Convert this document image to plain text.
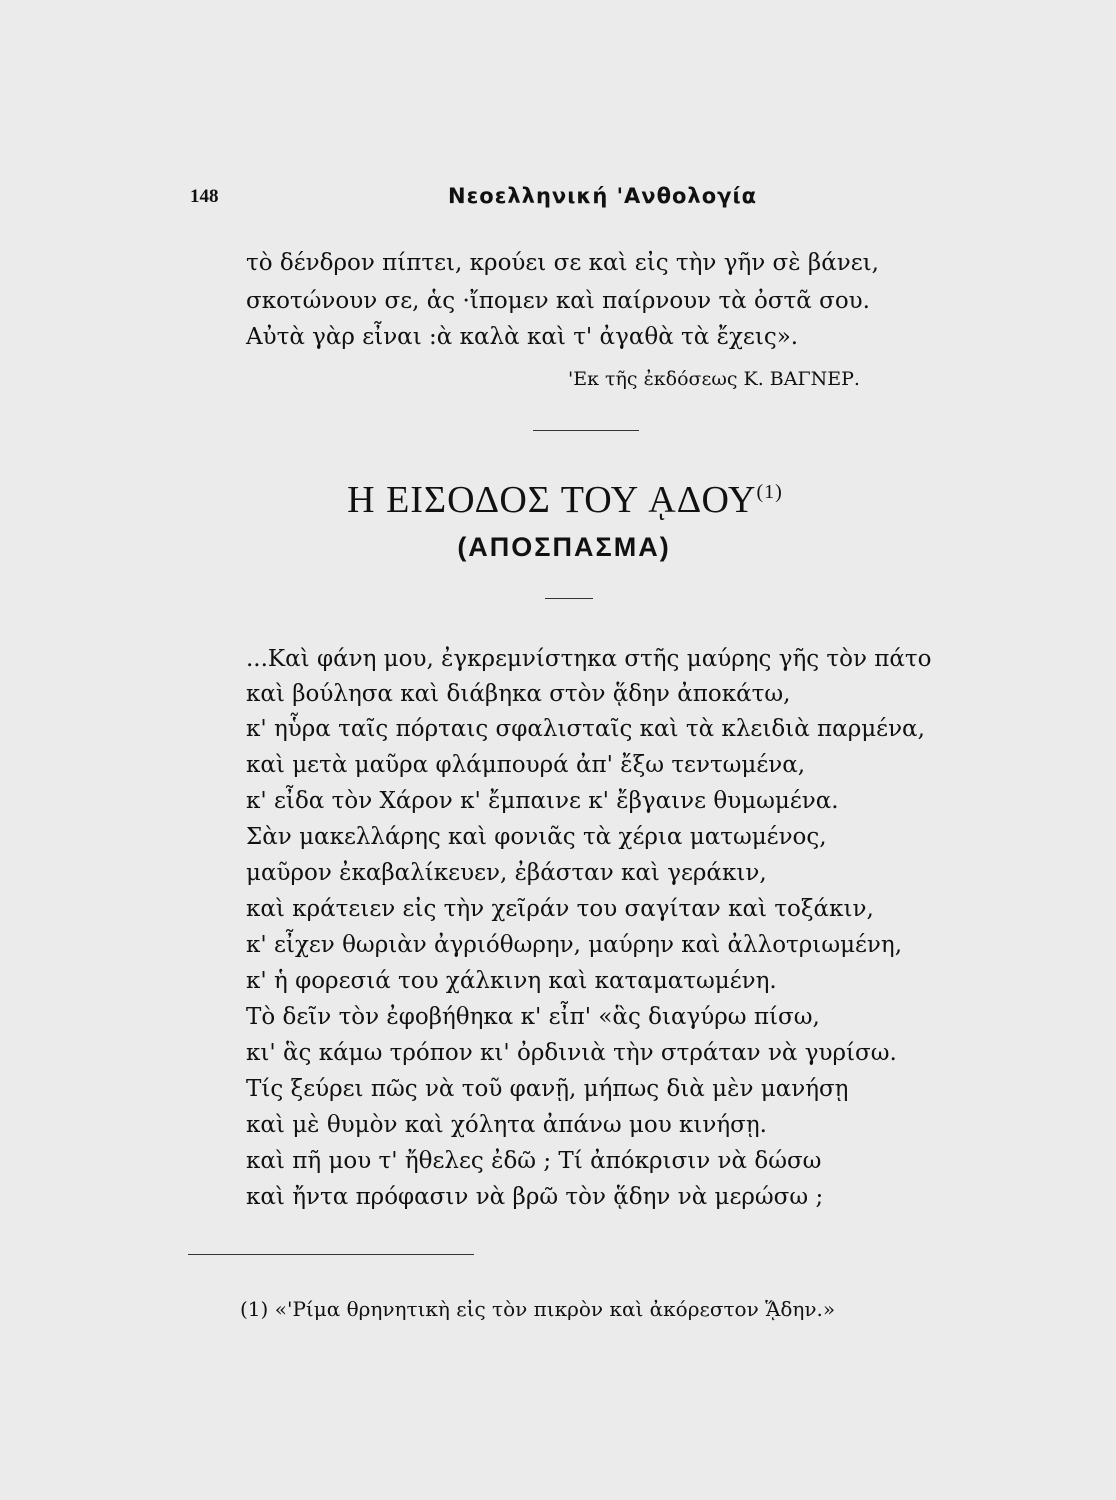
148	Νεοελληνική 'Ανθολογία
τὸ δένδρον πίπτει, κρούει σε καὶ εἰς τὴν γῆν σὲ βάνει,
σκοτώνουν σε, ἁς ·ἴπομεν καὶ παίρνουν τὰ ὀστᾶ σου.
Αὐτὰ γὰρ εἶναι :ὰ καλὰ καὶ τ' ἀγαθὰ τὰ ἔχεις».
'Εκ τῆς ἐκδόσεως Κ. ΒΑΓΝΕΡ.
Η ΕΙΣΟΔΟΣ ΤΟΥ ᾼΔΟΥ$^{(1)}$
(ΑΠΟΣΠΑΣΜΑ)
...Καὶ φάνη μου, ἐγκρεμνίστηκα στῆς μαύρης γῆς τὸν πάτο
καὶ βούλησα καὶ διάβηκα στὸν ᾅδην ἀποκάτω,
κ' ηὗρα ταῖς πόρταις σφαλισταῖς καὶ τὰ κλειδιὰ παρμένα,
καὶ μετὰ μαῦρα φλάμπουρά ἀπ' ἔξω τεντωμένα,
κ' εἶδα τὸν Χάρον κ' ἔμπαινε κ' ἔβγαινε θυμωμένα.
Σὰν μακελλάρης καὶ φονιᾶς τὰ χέρια ματωμένος,
μαῦρον ἐκαβαλίκευεν, ἐβάσταν καὶ γεράκιν,
καὶ κράτειεν εἰς τὴν χεῖράν του σαγίταν καὶ τοξάκιν,
κ' εἶχεν θωριὰν ἀγριόθωρην, μαύρην καὶ ἀλλοτριωμένη,
κ' ἡ φορεσιά του χάλκινη καὶ καταματωμένη.
Τὸ δεῖν τὸν ἐφοβήθηκα κ' εἶπ' «ἃς διαγύρω πίσω,
κι' ἃς κάμω τρόπον κι' ὀρδινιὰ τὴν στράταν νὰ γυρίσω.
Τίς ξεύρει πῶς νὰ τοῦ φανῇ, μήπως διὰ μὲν μανήσῃ
καὶ μὲ θυμὸν καὶ χόλητα ἀπάνω μου κινήσῃ.
καὶ πῆ μου τ' ἤθελες ἐδῶ ; Τί ἀπόκρισιν νὰ δώσω
καὶ ἤντα πρόφασιν νὰ βρῶ τὸν ᾅδην νὰ μερώσω ;
(1) «'Ρίμα θρηνητικὴ εἰς τὸν πικρὸν καὶ ἀκόρεστον ᾍδην.»
